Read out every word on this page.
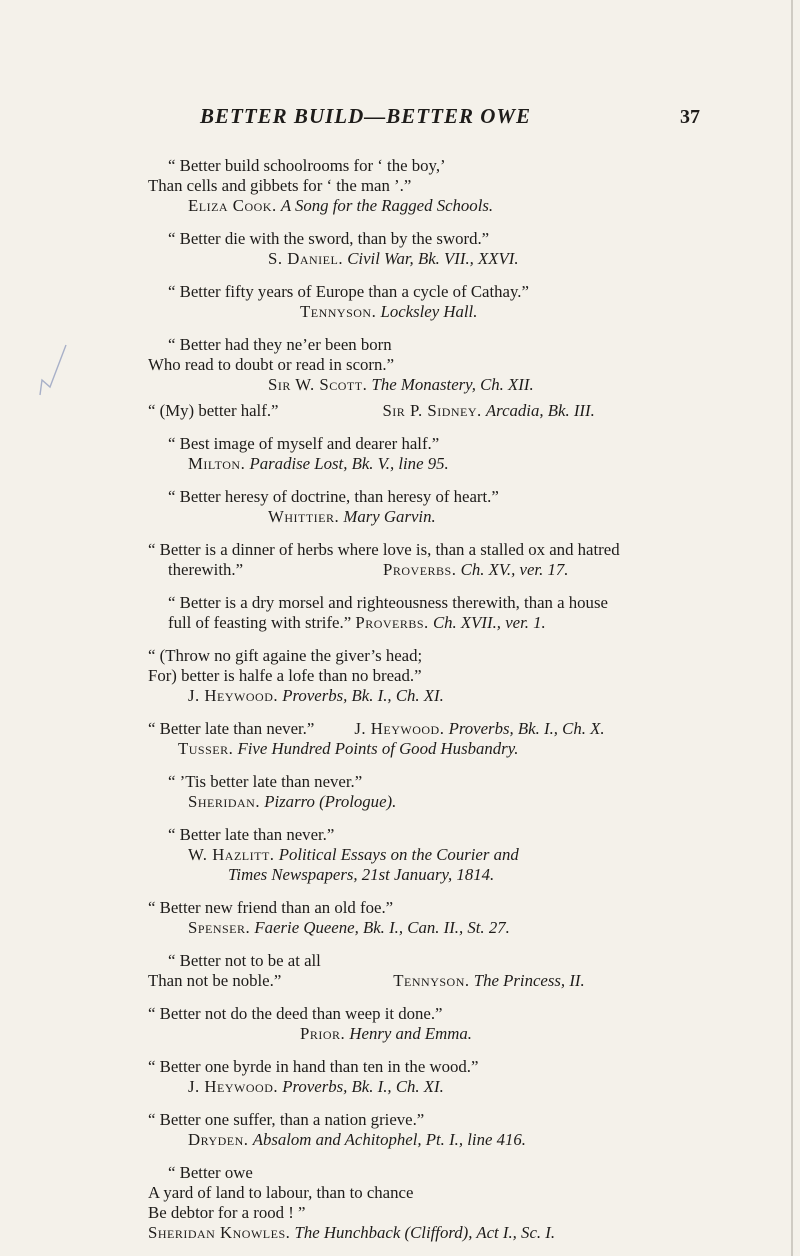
BETTER BUILD—BETTER OWE	37
“ Better build schoolrooms for ‘ the boy,’
Than cells and gibbets for ‘ the man ’.”
Eliza Cook. A Song for the Ragged Schools.
“ Better die with the sword, than by the sword.”
S. Daniel. Civil War, Bk. VII., XXVI.
“ Better fifty years of Europe than a cycle of Cathay.”
Tennyson. Locksley Hall.
“ Better had they ne’er been born
Who read to doubt or read in scorn.”
Sir W. Scott. The Monastery, Ch. XII.
“ (My) better half.”	Sir P. Sidney. Arcadia, Bk. III.
“ Best image of myself and dearer half.”
Milton. Paradise Lost, Bk. V., line 95.
“ Better heresy of doctrine, than heresy of heart.”
Whittier. Mary Garvin.
“ Better is a dinner of herbs where love is, than a stalled ox and hatred
therewith.”	Proverbs. Ch. XV., ver. 17.
“ Better is a dry morsel and righteousness therewith, than a house
full of feasting with strife.” Proverbs. Ch. XVII., ver. 1.
“ (Throw no gift againe the giver’s head;
For) better is halfe a lofe than no bread.”
J. Heywood. Proverbs, Bk. I., Ch. XI.
“ Better late than never.” J. Heywood. Proverbs, Bk. I., Ch. X.
Tusser. Five Hundred Points of Good Husbandry.
“ ’Tis better late than never.”
Sheridan. Pizarro (Prologue).
“ Better late than never.”
W. Hazlitt. Political Essays on the Courier and
Times Newspapers, 21st January, 1814.
“ Better new friend than an old foe.”
Spenser. Faerie Queene, Bk. I., Can. II., St. 27.
“ Better not to be at all
Than not be noble.”	Tennyson. The Princess, II.
“ Better not do the deed than weep it done.”
Prior. Henry and Emma.
“ Better one byrde in hand than ten in the wood.”
J. Heywood. Proverbs, Bk. I., Ch. XI.
“ Better one suffer, than a nation grieve.”
Dryden. Absalom and Achitophel, Pt. I., line 416.
“ Better owe
A yard of land to labour, than to chance
Be debtor for a rood ! ”
Sheridan Knowles. The Hunchback (Clifford), Act I., Sc. I.
